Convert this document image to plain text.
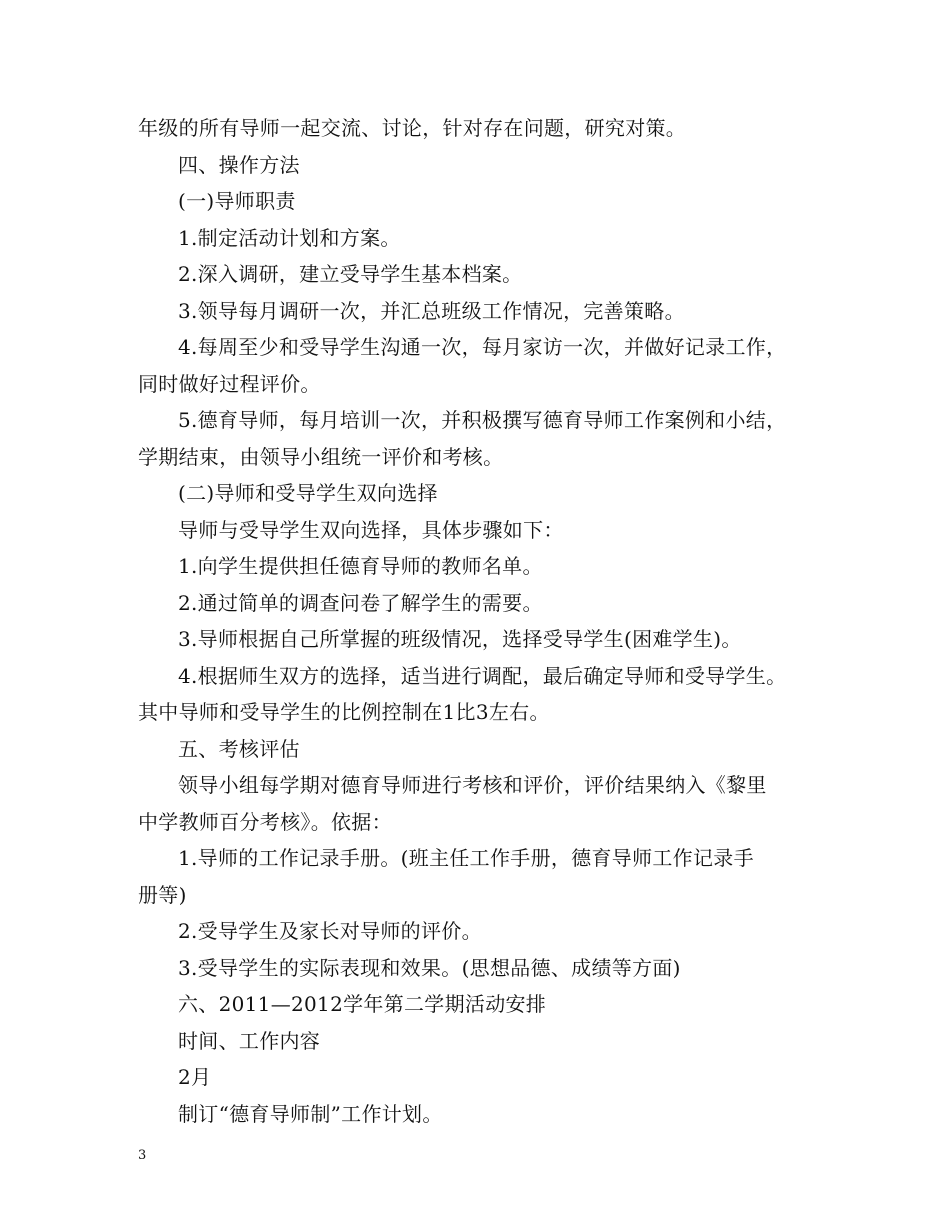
年级的所有导师一起交流、讨论，针对存在问题，研究对策。
四、操作方法
(一)导师职责
1.制定活动计划和方案。
2.深入调研，建立受导学生基本档案。
3.领导每月调研一次，并汇总班级工作情况，完善策略。
4.每周至少和受导学生沟通一次，每月家访一次，并做好记录工作，
同时做好过程评价。
5.德育导师，每月培训一次，并积极撰写德育导师工作案例和小结，
学期结束，由领导小组统一评价和考核。
(二)导师和受导学生双向选择
导师与受导学生双向选择，具体步骤如下：
1.向学生提供担任德育导师的教师名单。
2.通过简单的调查问卷了解学生的需要。
3.导师根据自己所掌握的班级情况，选择受导学生(困难学生)。
4.根据师生双方的选择，适当进行调配，最后确定导师和受导学生。
其中导师和受导学生的比例控制在1比3左右。
五、考核评估
领导小组每学期对德育导师进行考核和评价，评价结果纳入《黎里
中学教师百分考核》。依据：
1.导师的工作记录手册。(班主任工作手册，德育导师工作记录手
册等)
2.受导学生及家长对导师的评价。
3.受导学生的实际表现和效果。(思想品德、成绩等方面)
六、2011—2012学年第二学期活动安排
时间、工作内容
2月
制订“德育导师制”工作计划。
3
